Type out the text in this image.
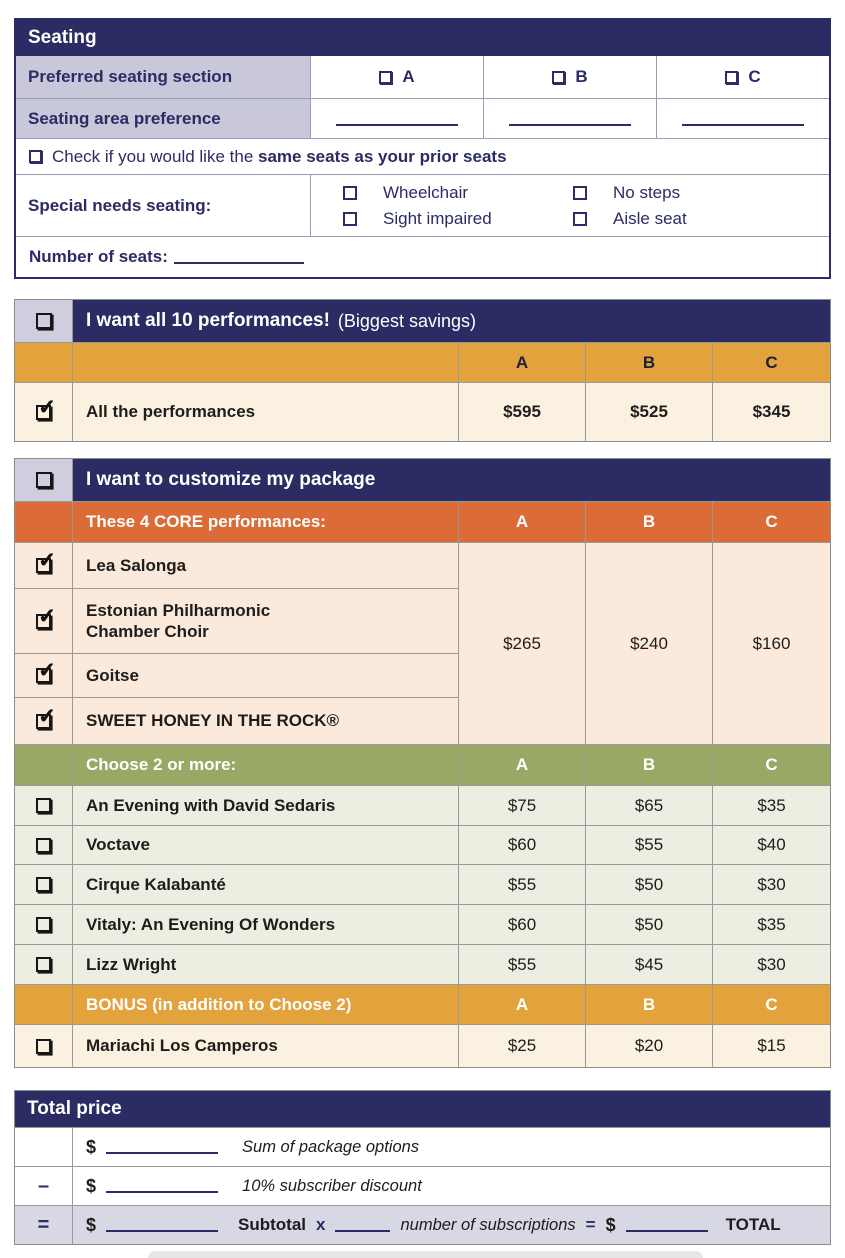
Seating
Preferred seating section	A	B	C
Seating area preference
Check if you would like the same seats as your prior seats
Special needs seating:
Wheelchair	No steps
Sight impaired	Aisle seat
Number of seats:
I want all 10 performances! (Biggest savings)
A	B	C
✓
All the performances	$595	$525	$345
I want to customize my package
These 4 CORE performances:	A	B	C
✓
Lea Salonga
✓
Estonian Philharmonic Chamber Choir
✓
Goitse
✓
SWEET HONEY IN THE ROCK®
$265	$240	$160
Choose 2 or more:	A	B	C
An Evening with David Sedaris	$75	$65	$35
Voctave	$60	$55	$40
Cirque Kalabanté	$55	$50	$30
Vitaly: An Evening Of Wonders	$60	$50	$35
Lizz Wright	$55	$45	$30
BONUS (in addition to Choose 2)	A	B	C
Mariachi Los Camperos	$25	$20	$15
Total price
$	Sum of package options
–	$	10% subscriber discount
=	$	Subtotal x	number of subscriptions = $	TOTAL
